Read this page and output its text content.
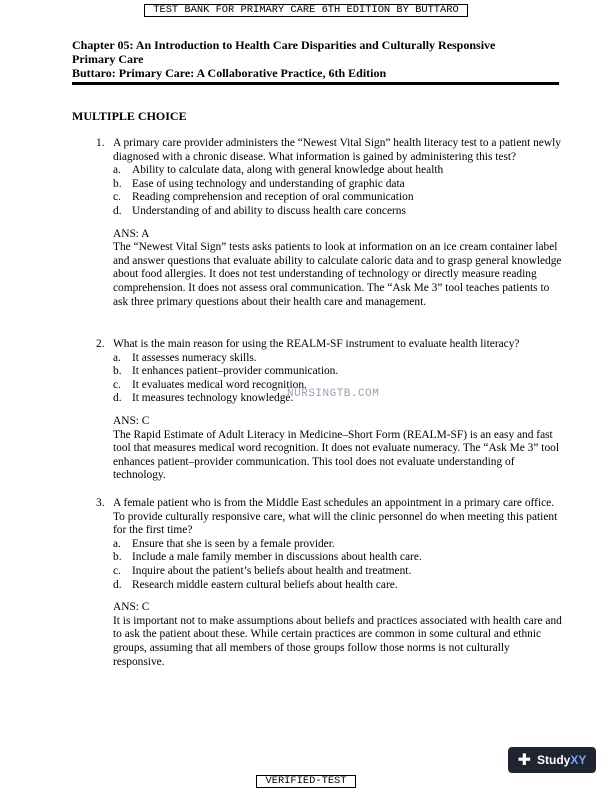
TEST BANK FOR PRIMARY CARE 6TH EDITION BY BUTTARO
Chapter 05: An Introduction to Health Care Disparities and Culturally Responsive
Primary Care
Buttaro: Primary Care: A Collaborative Practice, 6th Edition
MULTIPLE CHOICE
1. A primary care provider administers the “Newest Vital Sign” health literacy test to a patient newly diagnosed with a chronic disease. What information is gained by administering this test?
a. Ability to calculate data, along with general knowledge about health
b. Ease of using technology and understanding of graphic data
c. Reading comprehension and reception of oral communication
d. Understanding of and ability to discuss health care concerns
ANS: A
The “Newest Vital Sign” tests asks patients to look at information on an ice cream container label and answer questions that evaluate ability to calculate caloric data and to grasp general knowledge about food allergies. It does not test understanding of technology or directly measure reading comprehension. It does not assess oral communication. The “Ask Me 3” tool teaches patients to ask three primary questions about their health care and management.
2. What is the main reason for using the REALM-SF instrument to evaluate health literacy?
a. It assesses numeracy skills.
b. It enhances patient–provider communication.
c. It evaluates medical word recognition.
d. It measures technology knowledge.
ANS: C
The Rapid Estimate of Adult Literacy in Medicine–Short Form (REALM-SF) is an easy and fast tool that measures medical word recognition. It does not evaluate numeracy. The “Ask Me 3” tool enhances patient–provider communication. This tool does not evaluate understanding of technology.
3. A female patient who is from the Middle East schedules an appointment in a primary care office. To provide culturally responsive care, what will the clinic personnel do when meeting this patient for the first time?
a. Ensure that she is seen by a female provider.
b. Include a male family member in discussions about health care.
c. Inquire about the patient’s beliefs about health and treatment.
d. Research middle eastern cultural beliefs about health care.
ANS: C
It is important not to make assumptions about beliefs and practices associated with health care and to ask the patient about these. While certain practices are common in some cultural and ethnic groups, assuming that all members of those groups follow those norms is not culturally responsive.
NURSINGTB.COM
✚ StudyXY
VERIFIED-TEST
